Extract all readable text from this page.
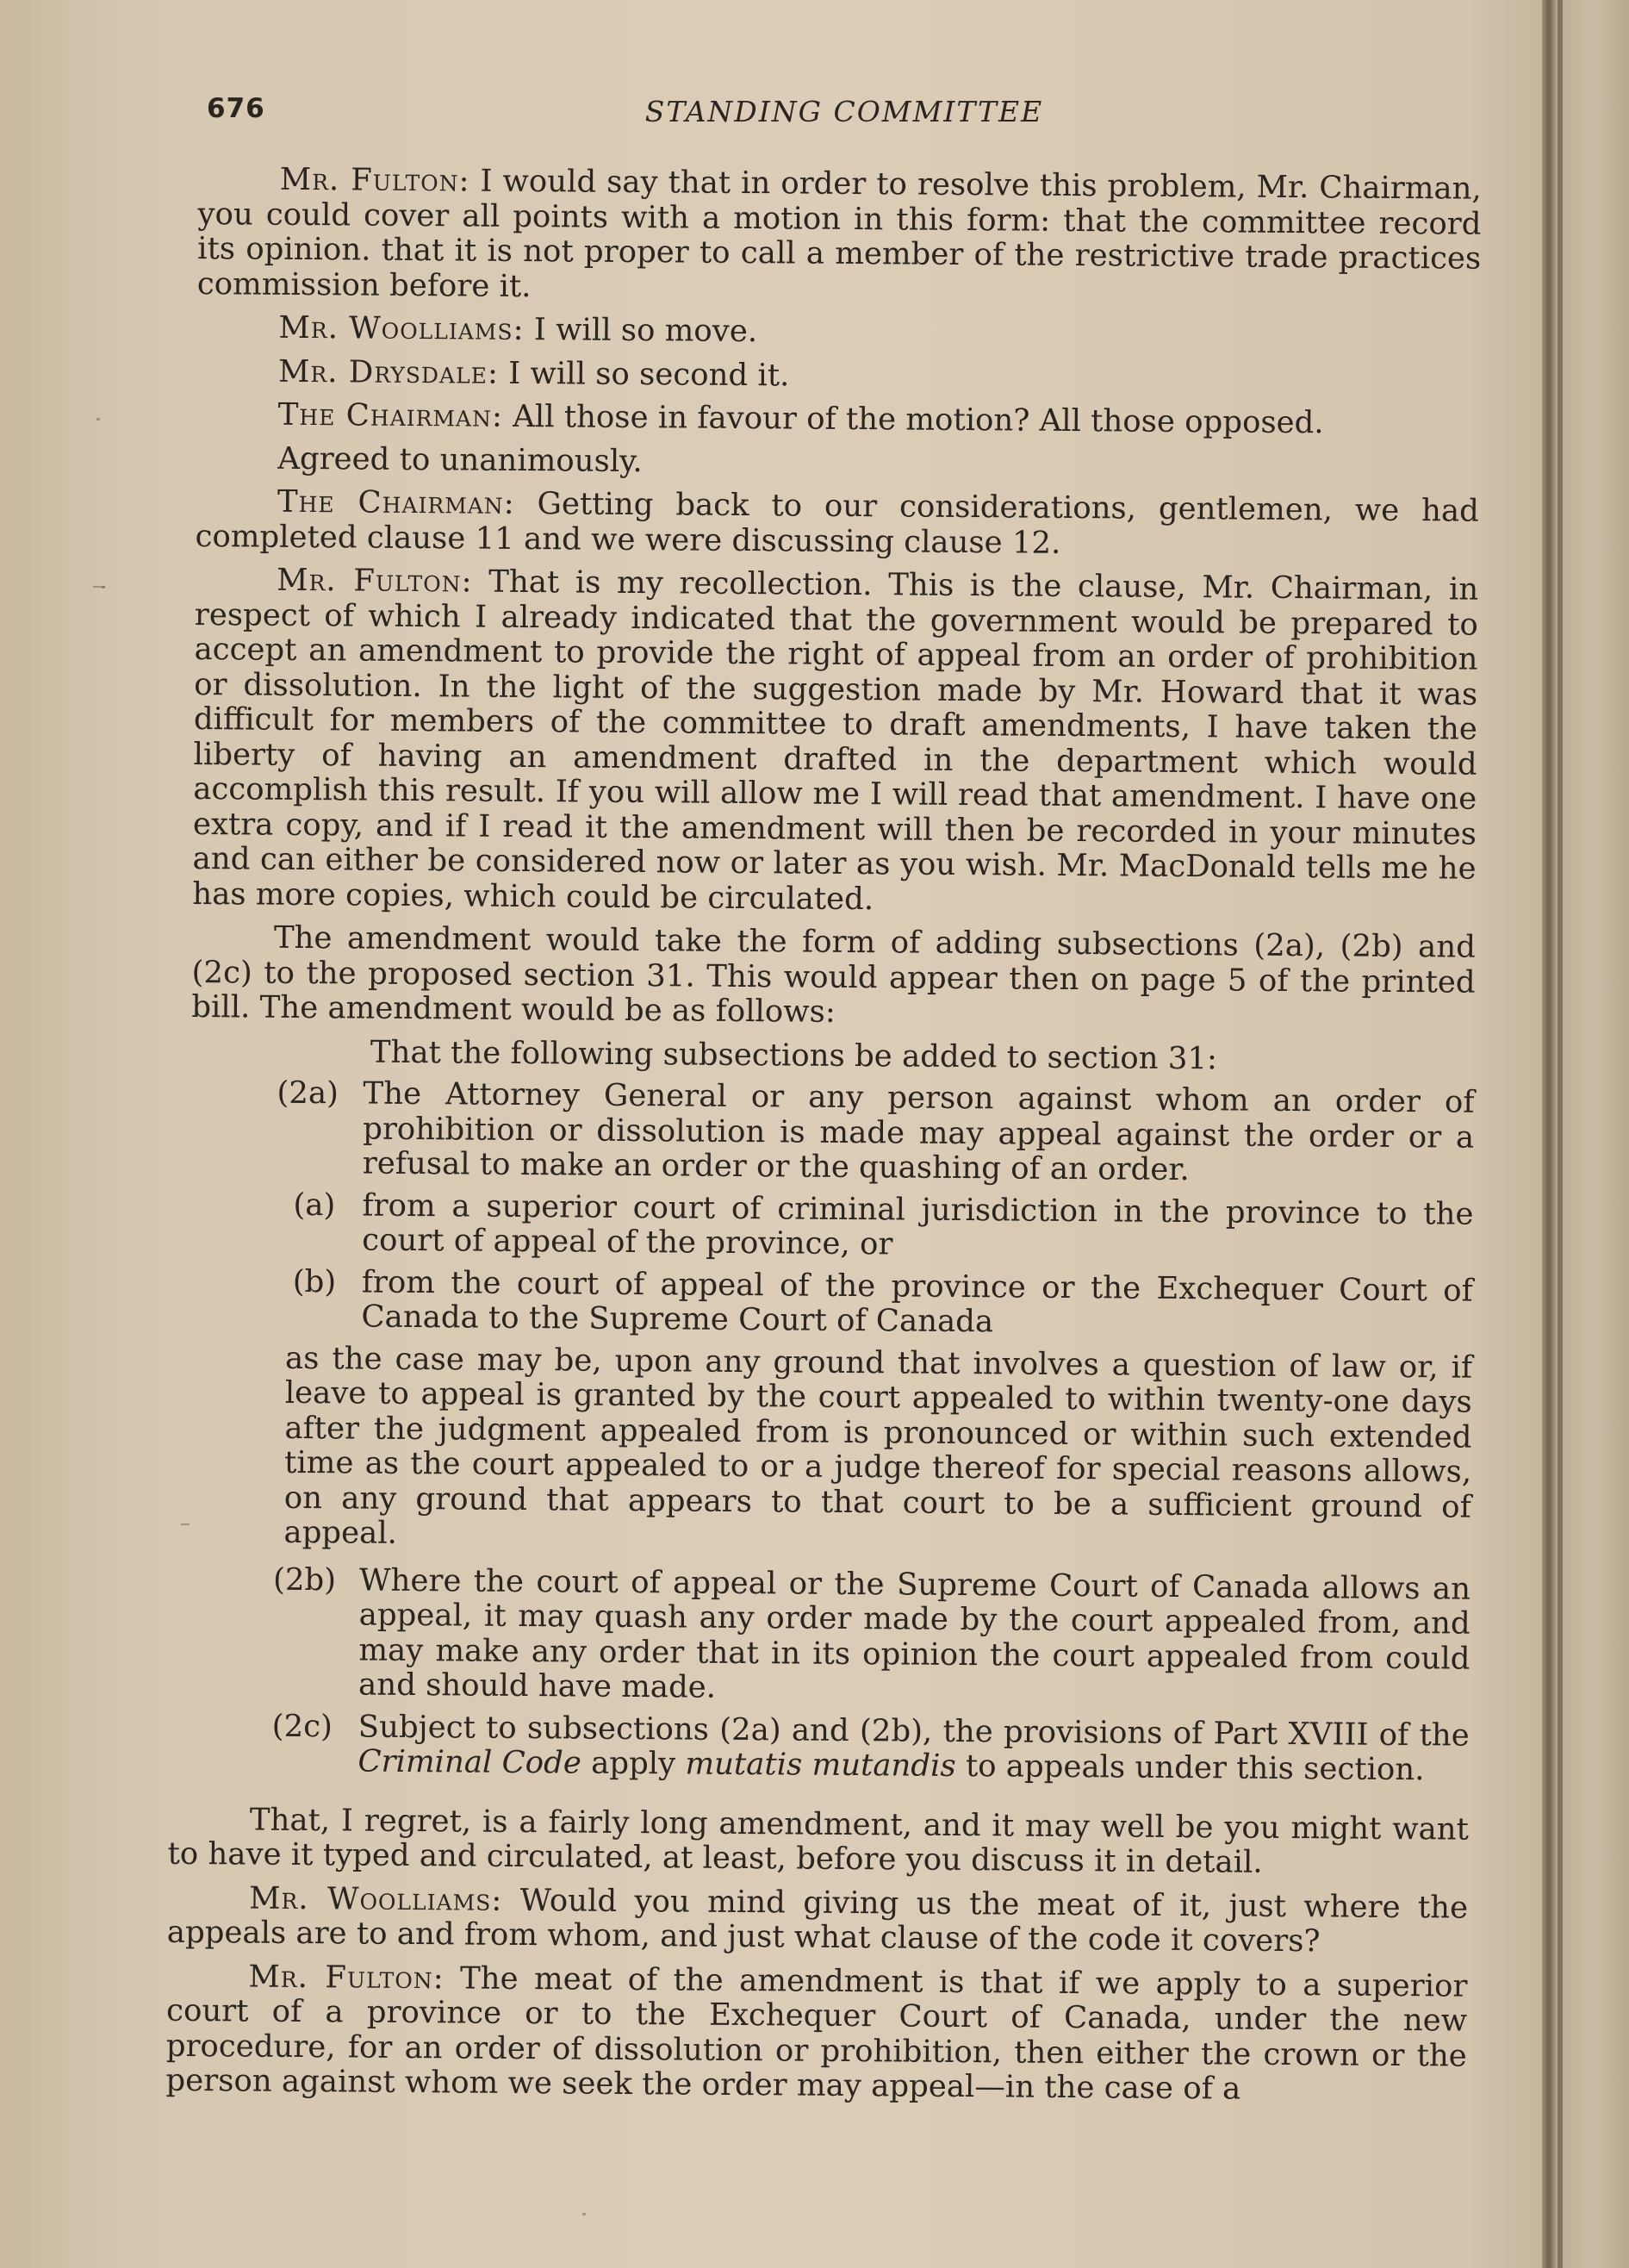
676	STANDING COMMITTEE

Mr. Fulton: I would say that in order to resolve this problem, Mr. Chairman, you could cover all points with a motion in this form: that the committee record its opinion. that it is not proper to call a member of the restrictive trade practices commission before it.

Mr. Woolliams: I will so move.

Mr. Drysdale: I will so second it.

The Chairman: All those in favour of the motion? All those opposed.

Agreed to unanimously.

The Chairman: Getting back to our considerations, gentlemen, we had completed clause 11 and we were discussing clause 12.

Mr. Fulton: That is my recollection. This is the clause, Mr. Chairman, in respect of which I already indicated that the government would be prepared to accept an amendment to provide the right of appeal from an order of prohibition or dissolution. In the light of the suggestion made by Mr. Howard that it was difficult for members of the committee to draft amendments, I have taken the liberty of having an amendment drafted in the department which would accomplish this result. If you will allow me I will read that amendment. I have one extra copy, and if I read it the amendment will then be recorded in your minutes and can either be considered now or later as you wish. Mr. MacDonald tells me he has more copies, which could be circulated.

The amendment would take the form of adding subsections (2a), (2b) and (2c) to the proposed section 31. This would appear then on page 5 of the printed bill. The amendment would be as follows:

That the following subsections be added to section 31:

(2a) The Attorney General or any person against whom an order of prohibition or dissolution is made may appeal against the order or a refusal to make an order or the quashing of an order.
(a) from a superior court of criminal jurisdiction in the province to the court of appeal of the province, or
(b) from the court of appeal of the province or the Exchequer Court of Canada to the Supreme Court of Canada

as the case may be, upon any ground that involves a question of law or, if leave to appeal is granted by the court appealed to within twenty-one days after the judgment appealed from is pronounced or within such extended time as the court appealed to or a judge thereof for special reasons allows, on any ground that appears to that court to be a sufficient ground of appeal.

(2b) Where the court of appeal or the Supreme Court of Canada allows an appeal, it may quash any order made by the court appealed from, and may make any order that in its opinion the court appealed from could and should have made.
(2c) Subject to subsections (2a) and (2b), the provisions of Part XVIII of the Criminal Code apply mutatis mutandis to appeals under this section.

That, I regret, is a fairly long amendment, and it may well be you might want to have it typed and circulated, at least, before you discuss it in detail.

Mr. Woolliams: Would you mind giving us the meat of it, just where the appeals are to and from whom, and just what clause of the code it covers?

Mr. Fulton: The meat of the amendment is that if we apply to a superior court of a province or to the Exchequer Court of Canada, under the new procedure, for an order of dissolution or prohibition, then either the crown or the person against whom we seek the order may appeal—in the case of a
